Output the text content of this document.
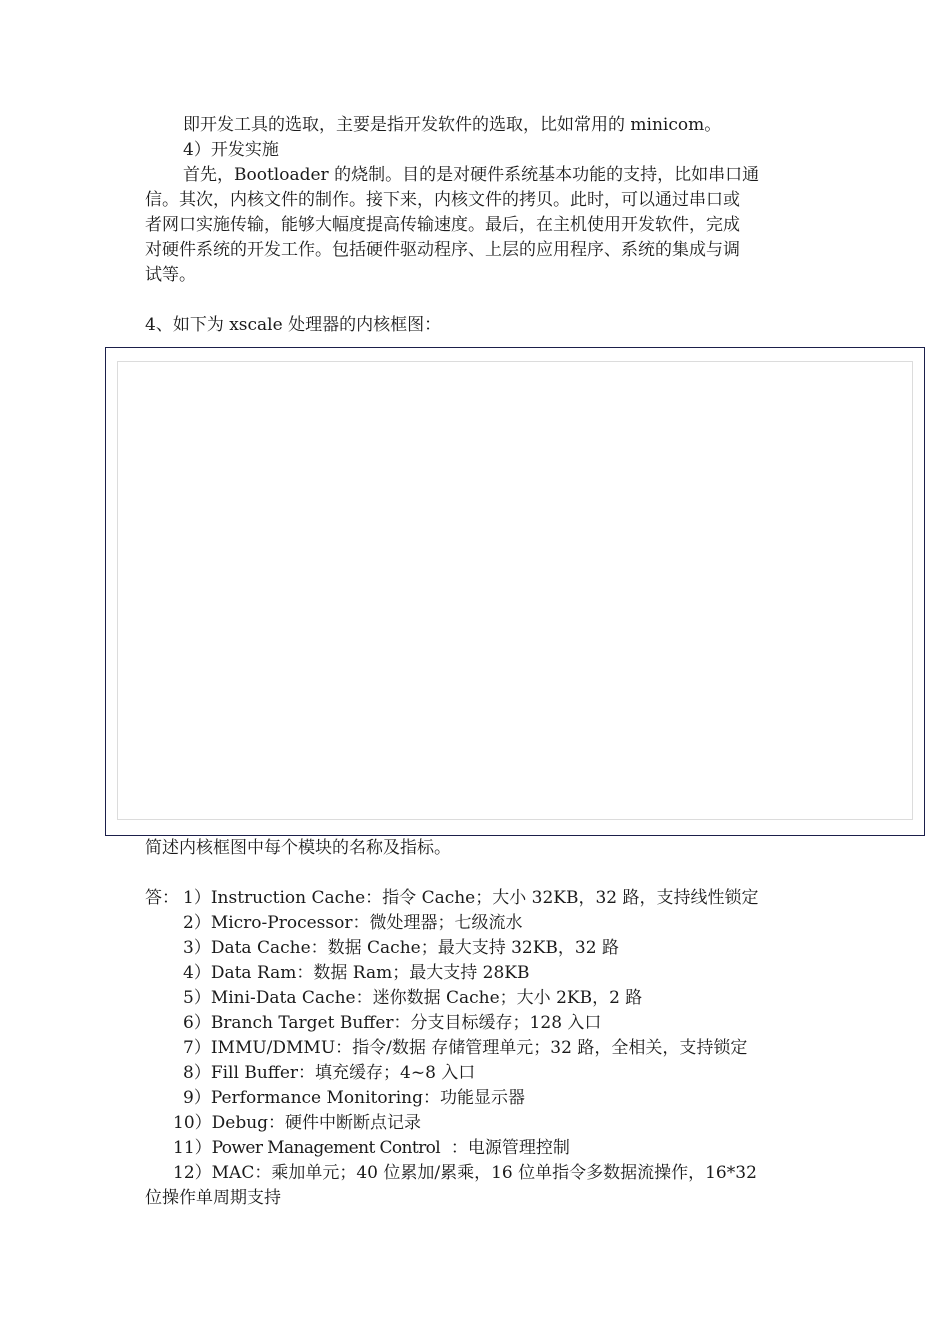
即开发工具的选取，主要是指开发软件的选取，比如常用的 minicom。
4）开发实施
首先，Bootloader 的烧制。目的是对硬件系统基本功能的支持，比如串口通
信。其次，内核文件的制作。接下来，内核文件的拷贝。此时，可以通过串口或
者网口实施传输，能够大幅度提高传输速度。最后，在主机使用开发软件，完成
对硬件系统的开发工作。包括硬件驱动程序、上层的应用程序、系统的集成与调
试等。
4、如下为 xscale 处理器的内核框图：
简述内核框图中每个模块的名称及指标。
答： 1）Instruction Cache：指令 Cache；大小 32KB，32 路，支持线性锁定
2）Micro-Processor：微处理器；七级流水
3）Data Cache：数据 Cache；最大支持 32KB，32 路
4）Data Ram：数据 Ram；最大支持 28KB
5）Mini-Data Cache：迷你数据 Cache；大小 2KB，2 路
6）Branch Target Buffer：分支目标缓存；128 入口
7）IMMU/DMMU：指令/数据 存储管理单元；32 路，全相关，支持锁定
8）Fill Buffer：填充缓存；4~8 入口
9）Performance Monitoring：功能显示器
10）Debug：硬件中断断点记录
11）Power Management Control  ：电源管理控制
12）MAC：乘加单元；40 位累加/累乘，16 位单指令多数据流操作，16*32
位操作单周期支持
